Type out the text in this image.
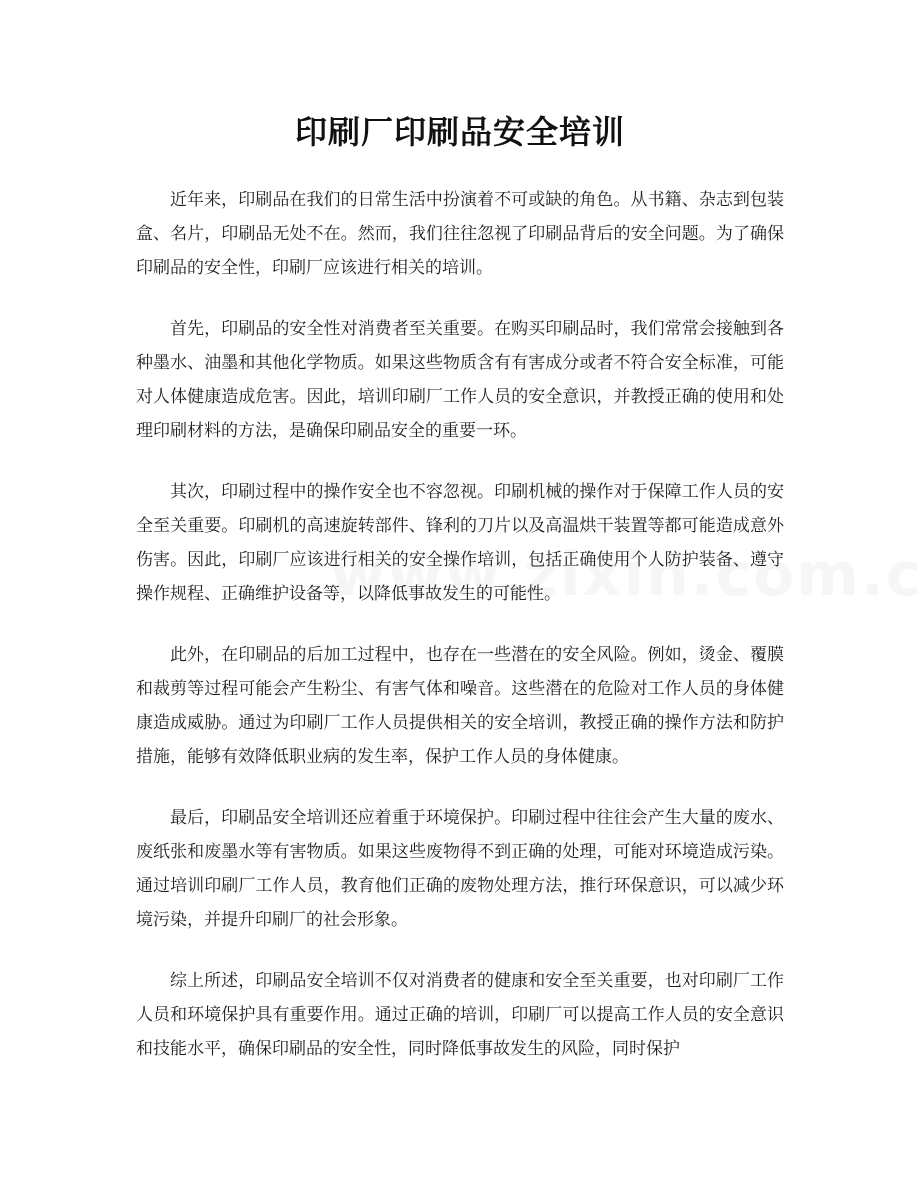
印刷厂印刷品安全培训

近年来，印刷品在我们的日常生活中扮演着不可或缺的角色。从书籍、杂志到包装盒、名片，印刷品无处不在。然而，我们往往忽视了印刷品背后的安全问题。为了确保印刷品的安全性，印刷厂应该进行相关的培训。

首先，印刷品的安全性对消费者至关重要。在购买印刷品时，我们常常会接触到各种墨水、油墨和其他化学物质。如果这些物质含有有害成分或者不符合安全标准，可能对人体健康造成危害。因此，培训印刷厂工作人员的安全意识，并教授正确的使用和处理印刷材料的方法，是确保印刷品安全的重要一环。

其次，印刷过程中的操作安全也不容忽视。印刷机械的操作对于保障工作人员的安全至关重要。印刷机的高速旋转部件、锋利的刀片以及高温烘干装置等都可能造成意外伤害。因此，印刷厂应该进行相关的安全操作培训，包括正确使用个人防护装备、遵守操作规程、正确维护设备等，以降低事故发生的可能性。

此外，在印刷品的后加工过程中，也存在一些潜在的安全风险。例如，烫金、覆膜和裁剪等过程可能会产生粉尘、有害气体和噪音。这些潜在的危险对工作人员的身体健康造成威胁。通过为印刷厂工作人员提供相关的安全培训，教授正确的操作方法和防护措施，能够有效降低职业病的发生率，保护工作人员的身体健康。

最后，印刷品安全培训还应着重于环境保护。印刷过程中往往会产生大量的废水、废纸张和废墨水等有害物质。如果这些废物得不到正确的处理，可能对环境造成污染。通过培训印刷厂工作人员，教育他们正确的废物处理方法，推行环保意识，可以减少环境污染，并提升印刷厂的社会形象。

综上所述，印刷品安全培训不仅对消费者的健康和安全至关重要，也对印刷厂工作人员和环境保护具有重要作用。通过正确的培训，印刷厂可以提高工作人员的安全意识和技能水平，确保印刷品的安全性，同时降低事故发生的风险，同时保护
